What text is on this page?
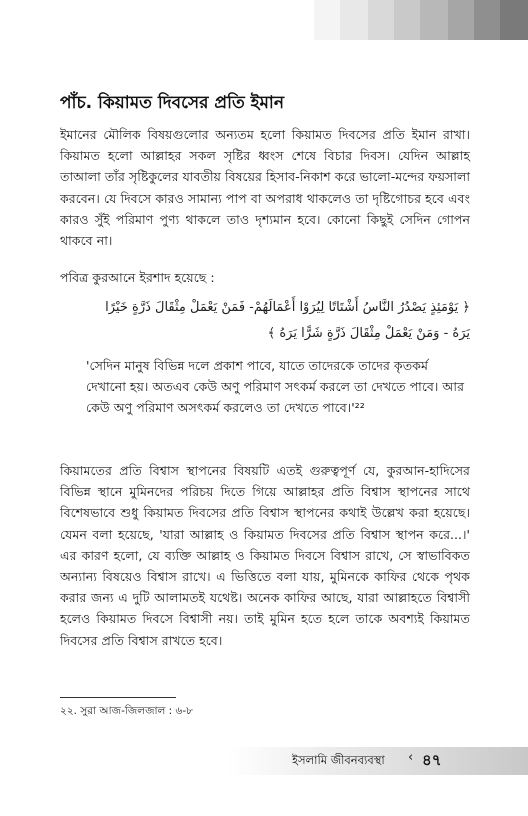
পাঁচ. কিয়ামত দিবসের প্রতি ইমান

ইমানের মৌলিক বিষয়গুলোর অন্যতম হলো কিয়ামত দিবসের প্রতি ইমান রাখা। কিয়ামত হলো আল্লাহর সকল সৃষ্টির ধ্বংস শেষে বিচার দিবস। যেদিন আল্লাহ তাআলা তাঁর সৃষ্টিকুলের যাবতীয় বিষয়ের হিসাব-নিকাশ করে ভালো-মন্দের ফয়সালা করবেন। যে দিবসে কারও সামান্য পাপ বা অপরাধ থাকলেও তা দৃষ্টিগোচর হবে এবং কারও সুঁই পরিমাণ পুণ্য থাকলে তাও দৃশ্যমান হবে। কোনো কিছুই সেদিন গোপন থাকবে না।

পবিত্র কুরআনে ইরশাদ হয়েছে :

﴿ يَوْمَئِذٍ يَصْدُرُ النَّاسُ أَشْتَاتًا لِيُرَوْا أَعْمَالَهُمْ- فَمَنْ يَعْمَلْ مِثْقَالَ ذَرَّةٍ خَيْرًا يَرَهُ - وَمَنْ يَعْمَلْ مِثْقَالَ ذَرَّةٍ شَرًّا يَرَهُ ﴾

'সেদিন মানুষ বিভিন্ন দলে প্রকাশ পাবে, যাতে তাদেরকে তাদের কৃতকর্ম দেখানো হয়। অতএব কেউ অণু পরিমাণ সৎকর্ম করলে তা দেখতে পাবে। আর কেউ অণু পরিমাণ অসৎকর্ম করলেও তা দেখতে পাবে।'²²

কিয়ামতের প্রতি বিশ্বাস স্থাপনের বিষয়টি এতই গুরুত্বপূর্ণ যে, কুরআন-হাদিসের বিভিন্ন স্থানে মুমিনদের পরিচয় দিতে গিয়ে আল্লাহর প্রতি বিশ্বাস স্থাপনের সাথে বিশেষভাবে শুধু কিয়ামত দিবসের প্রতি বিশ্বাস স্থাপনের কথাই উল্লেখ করা হয়েছে। যেমন বলা হয়েছে, 'যারা আল্লাহ ও কিয়ামত দিবসের প্রতি বিশ্বাস স্থাপন করে...।' এর কারণ হলো, যে ব্যক্তি আল্লাহ ও কিয়ামত দিবসে বিশ্বাস রাখে, সে স্বাভাবিকত অন্যান্য বিষয়েও বিশ্বাস রাখে। এ ভিত্তিতে বলা যায়, মুমিনকে কাফির থেকে পৃথক করার জন্য এ দুটি আলামতই যথেষ্ট। অনেক কাফির আছে, যারা আল্লাহতে বিশ্বাসী হলেও কিয়ামত দিবসে বিশ্বাসী নয়। তাই মুমিন হতে হলে তাকে অবশ্যই কিয়ামত দিবসের প্রতি বিশ্বাস রাখতে হবে।

২২. সুরা আজ-জিলজাল : ৬-৮

ইসলামি জীবনব্যবস্থা ‹ ৪৭
